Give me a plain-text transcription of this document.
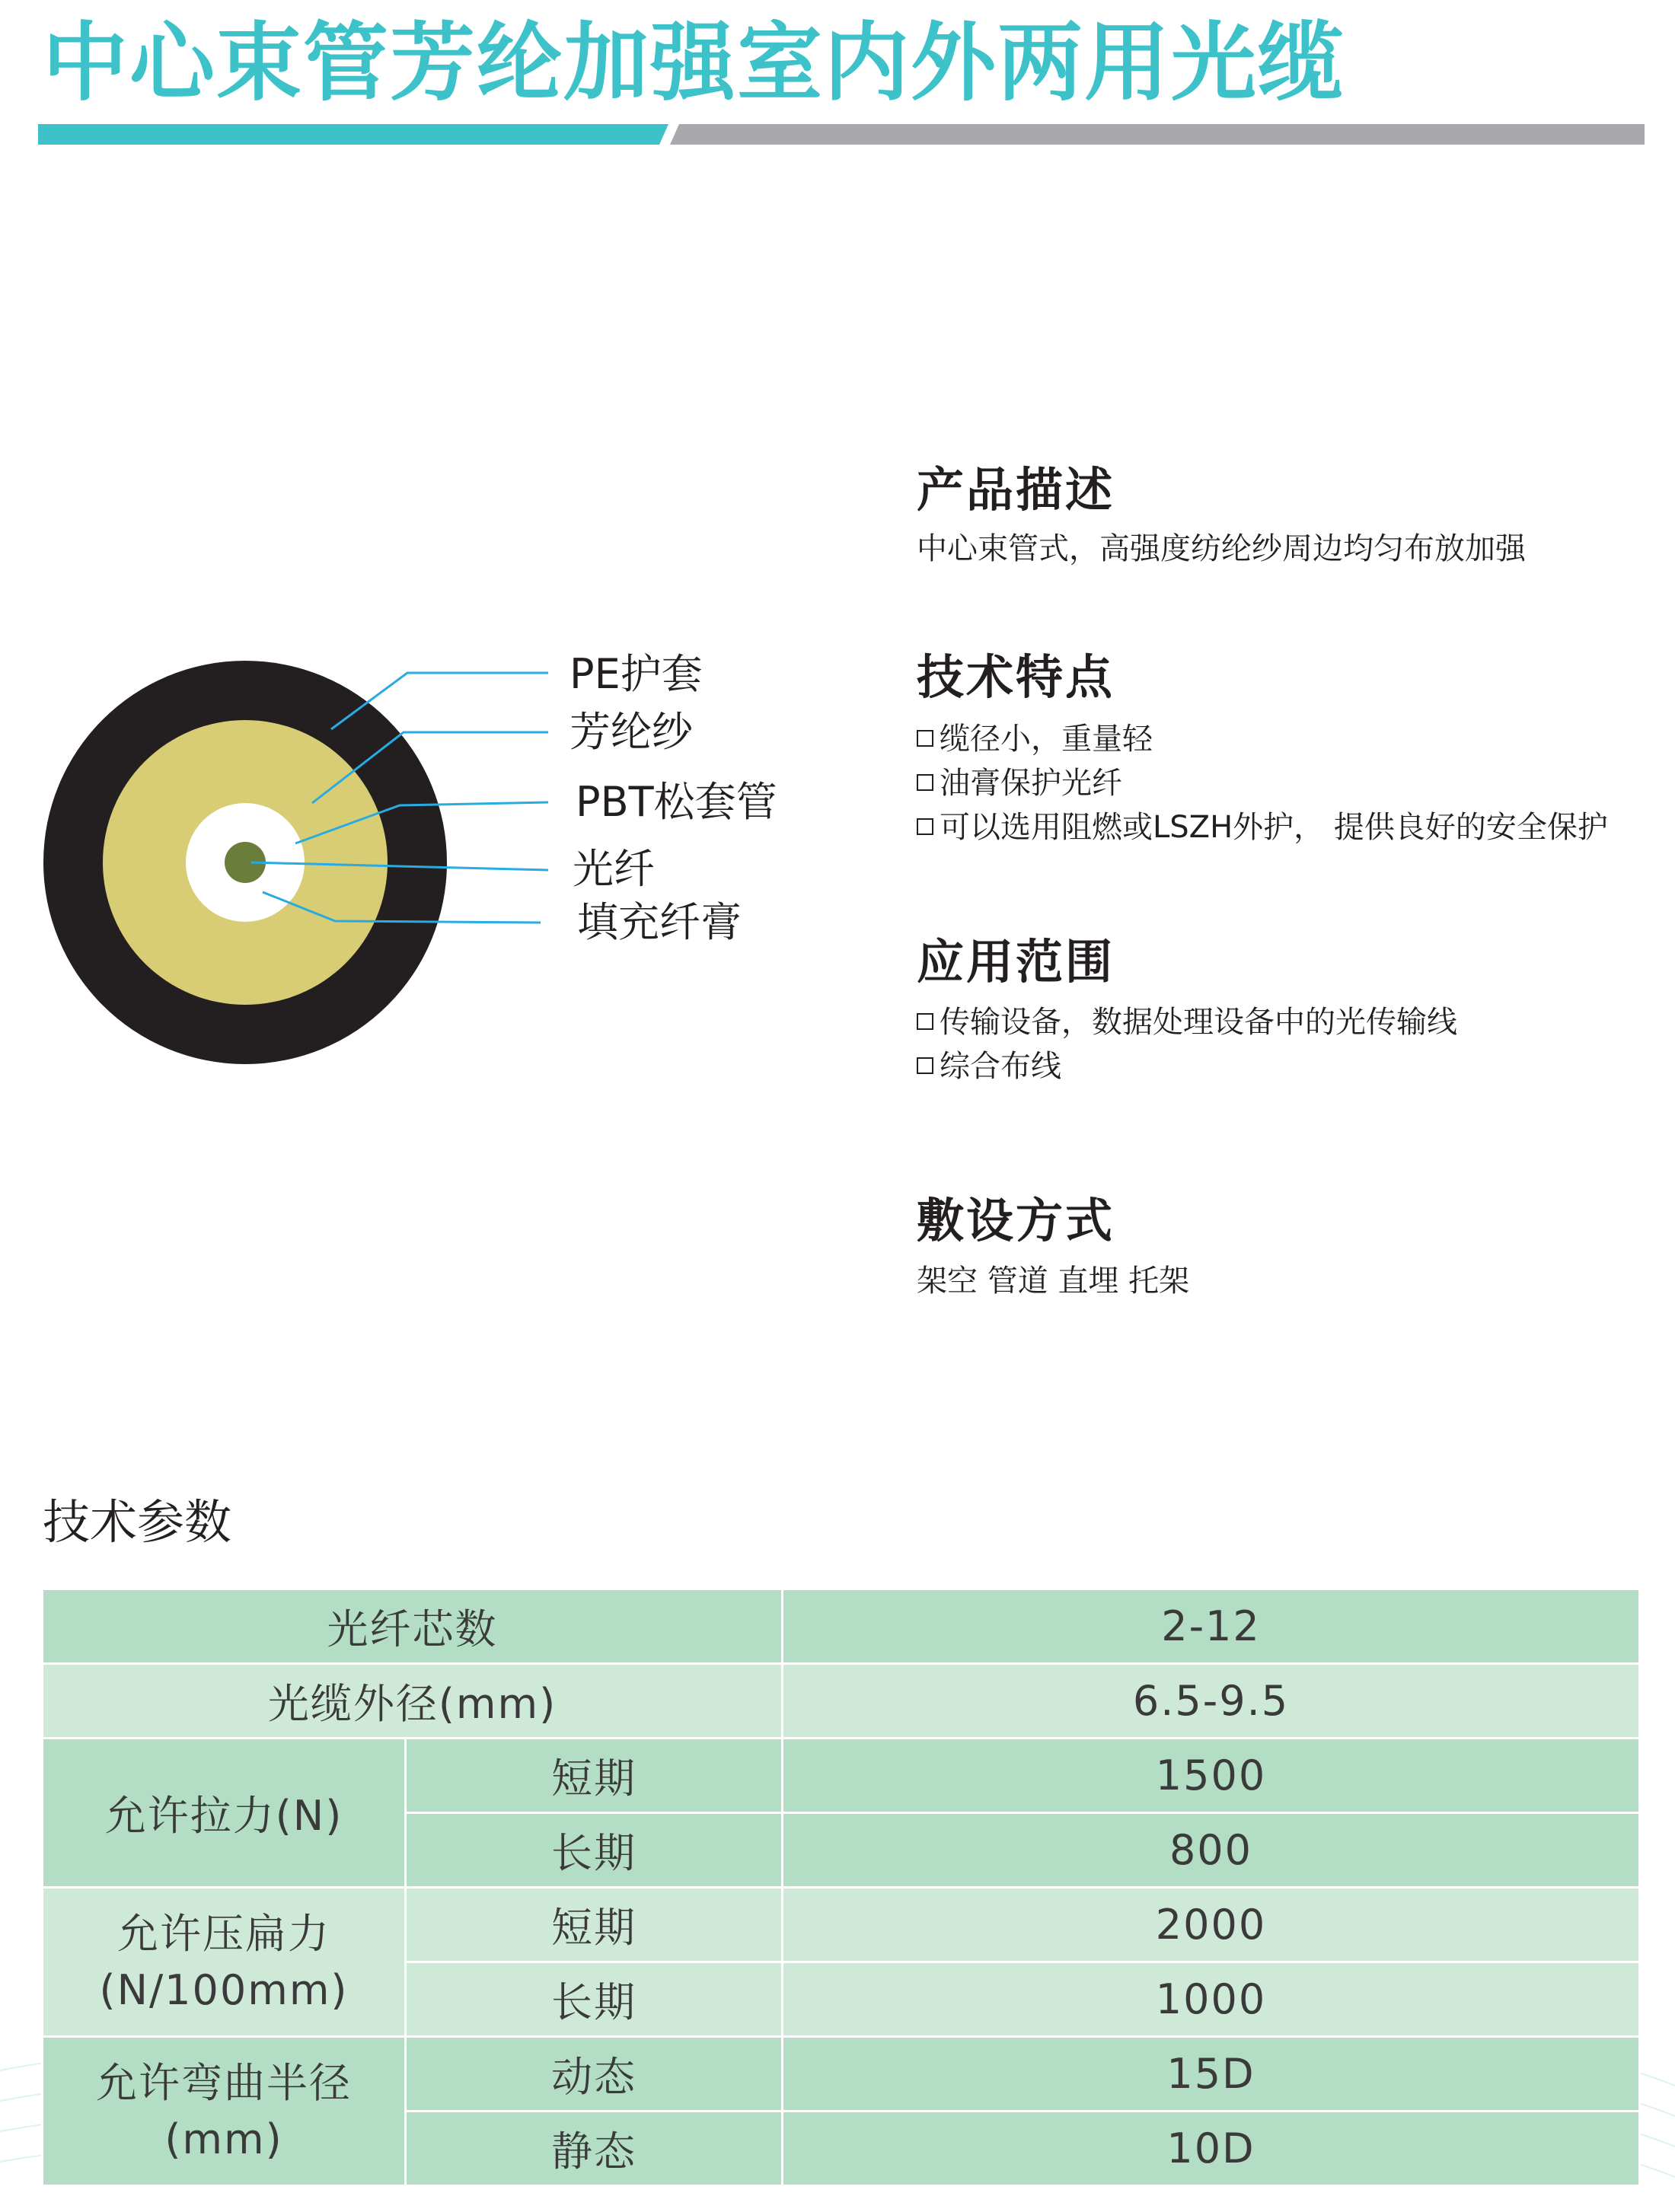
中心束管芳纶加强室内外两用光缆
PE护套
芳纶纱
PBT松套管
光纤
填充纤膏
产品描述
中心束管式，高强度纺纶纱周边均匀布放加强
技术特点
缆径小，重量轻
油膏保护光纤
可以选用阻燃或LSZH外护， 提供良好的安全保护
应用范围
传输设备，数据处理设备中的光传输线
综合布线
敷设方式
架空 管道 直埋 托架
技术参数
光纤芯数		2-12
光缆外径(mm)		6.5-9.5
允许拉力(N)	短期	1500
	长期	800

允许压扁力
(N/100mm)	短期	2000
	长期	1000

允许弯曲半径
(mm)	动态	15D
	静态	10D
